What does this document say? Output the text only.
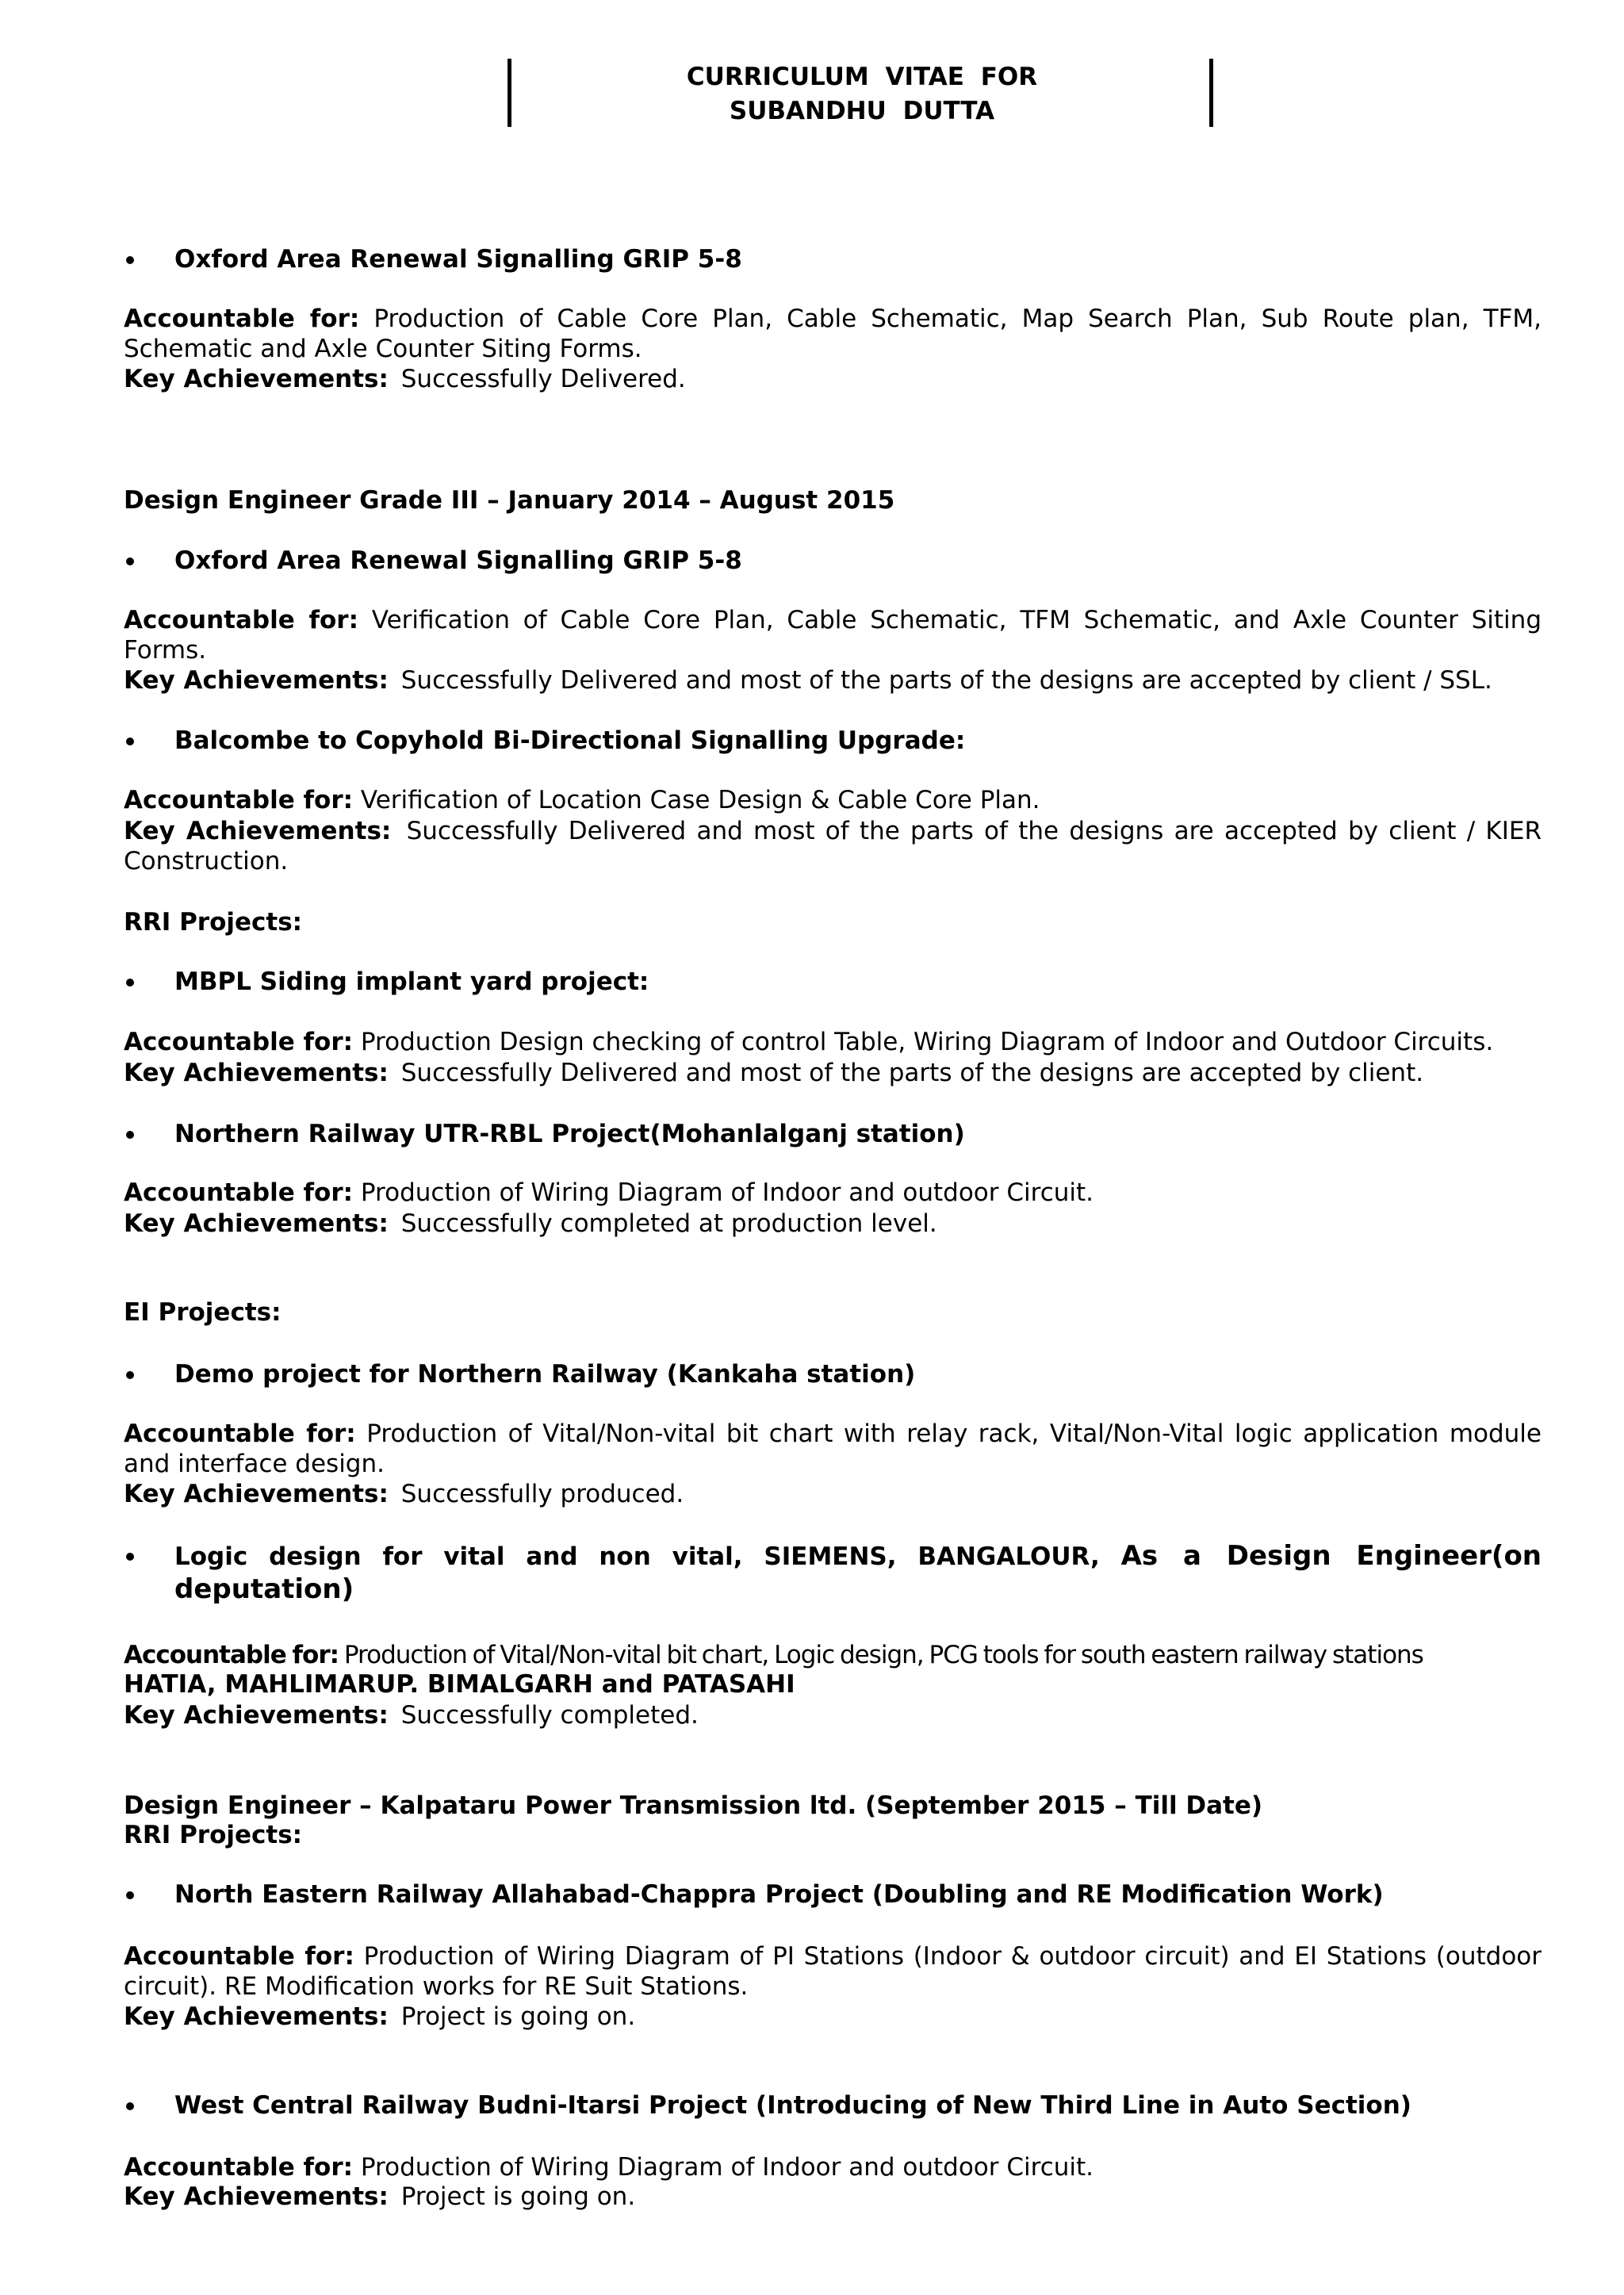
CURRICULUM VITAE FOR
SUBANDHU DUTTA
Oxford Area Renewal Signalling GRIP 5-8
Accountable for: Production of Cable Core Plan, Cable Schematic, Map Search Plan, Sub Route plan, TFM, Schematic and Axle Counter Siting Forms.
Key Achievements: Successfully Delivered.
Design Engineer Grade III – January 2014 – August 2015
Oxford Area Renewal Signalling GRIP 5-8
Accountable for: Verification of Cable Core Plan, Cable Schematic, TFM Schematic, and Axle Counter Siting Forms.
Key Achievements: Successfully Delivered and most of the parts of the designs are accepted by client / SSL.
Balcombe to Copyhold Bi-Directional Signalling Upgrade:
Accountable for: Verification of Location Case Design & Cable Core Plan.
Key Achievements: Successfully Delivered and most of the parts of the designs are accepted by client / KIER Construction.
RRI Projects:
MBPL Siding implant yard project:
Accountable for: Production Design checking of control Table, Wiring Diagram of Indoor and Outdoor Circuits.
Key Achievements: Successfully Delivered and most of the parts of the designs are accepted by client.
Northern Railway UTR-RBL Project(Mohanlalganj station)
Accountable for: Production of Wiring Diagram of Indoor and outdoor Circuit.
Key Achievements: Successfully completed at production level.
EI Projects:
Demo project for Northern Railway (Kankaha station)
Accountable for: Production of Vital/Non-vital bit chart with relay rack, Vital/Non-Vital logic application module and interface design.
Key Achievements: Successfully produced.
Logic design for vital and non vital, SIEMENS, BANGALOUR, As a Design Engineer(on deputation)
Accountable for: Production of Vital/Non-vital bit chart, Logic design, PCG tools for south eastern railway stations
HATIA, MAHLIMARUP. BIMALGARH and PATASAHI
Key Achievements: Successfully completed.
Design Engineer – Kalpataru Power Transmission ltd. (September 2015 – Till Date)
RRI Projects:
North Eastern Railway Allahabad-Chappra Project (Doubling and RE Modification Work)
Accountable for: Production of Wiring Diagram of PI Stations (Indoor & outdoor circuit) and EI Stations (outdoor circuit). RE Modification works for RE Suit Stations.
Key Achievements: Project is going on.
West Central Railway Budni-Itarsi Project (Introducing of New Third Line in Auto Section)
Accountable for: Production of Wiring Diagram of Indoor and outdoor Circuit.
Key Achievements: Project is going on.
